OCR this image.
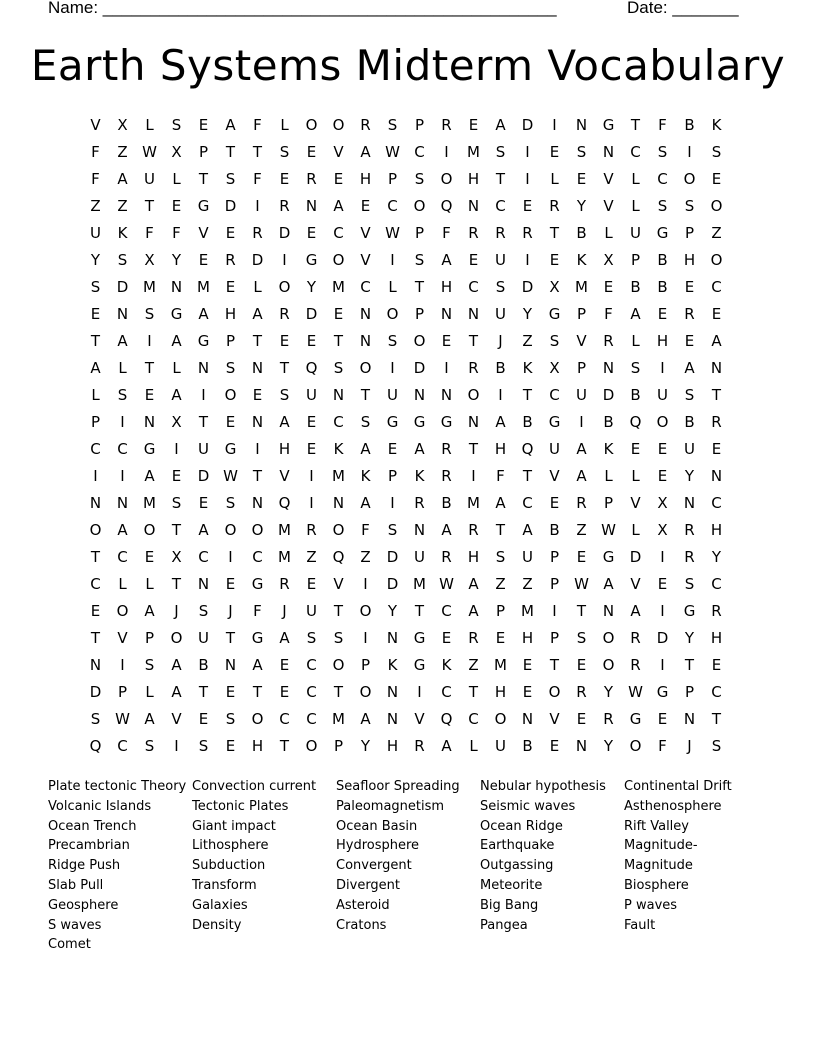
Name: ________________________________________________	Date: _______
Earth Systems Midterm Vocabulary
V	X	L	S	E	A	F	L	O	O	R	S	P	R	E	A	D	I	N	G	T	F	B	K
F	Z W X	P	T	T	S	E	V	A W C	I	M	S	I	E	S	N	C	S	I	S
F	A	U	L	T	S	F	E	R	E	H	P	S	O	H	T	I	L	E	V	L	C	O	E
Z	Z	T	E	G	D	I	R	N	A	E	C	O	Q	N	C	E	R	Y	V	L	S	S	O
U	K	F	F	V	E	R	D	E	C	V W	P	F	R	R	R	T	B	L	U	G	P	Z
Y	S	X	Y	E	R	D	I	G	O	V	I	S	A	E	U	I	E	K	X	P	B	H	O
S	D M N M	E	L	O	Y	M	C	L	T	H	C	S	D	X	M	E	B	B	E	C
E	N	S	G	A	H	A	R	D	E	N	O	P	N	N	U	Y	G	P	F	A	E	R	E
T	A	I	A	G	P	T	E	E	T	N	S	O	E	T	J	Z	S	V	R	L	H	E	A
A	L	T	L	N	S	N	T	Q	S	O	I	D	I	R	B	K	X	P	N	S	I	A	N
L	S	E	A	I	O	E	S	U	N	T	U	N	N	O	I	T	C	U	D	B	U	S	T
P	I	N	X	T	E	N	A	E	C	S	G	G	G	N	A	B	G	I	B	Q	O	B	R
C	C	G	I	U	G	I	H	E	K	A	E	A	R	T	H	Q	U	A	K	E	E	U	E
I	I	A	E	D W T	V	I	M	K	P	K	R	I	F	T	V	A	L	L	E	Y	N
N	N M	S	E	S	N	Q	I	N	A	I	R	B	M	A	C	E	R	P	V	X	N	C
O	A	O	T	A	O	O M	R	O	F	S	N	A	R	T	A	B	Z W	L	X	R	H
T	C	E	X	C	I	C	M	Z	Q	Z	D	U	R	H	S	U	P	E	G	D	I	R	Y
C	L	L	T	N	E	G	R	E	V	I	D M W A	Z	Z	P	W A	V	E	S	C
E	O	A	J	S	J	F	J	U	T	O	Y	T	C	A	P	M	I	T	N	A	I	G	R
T	V	P	O	U	T	G	A	S	S	I	N	G	E	R	E	H	P	S	O	R	D	Y	H
N	I	S	A	B	N	A	E	C	O	P	K	G	K	Z	M	E	T	E	O	R	I	T	E
D	P	L	A	T	E	T	E	C	T	O	N	I	C	T	H	E	O	R	Y	W G	P	C
S W A	V	E	S	O	C	C	M	A	N	V	Q	C	O	N	V	E	R	G	E	N	T
Q	C	S	I	S	E	H	T	O	P	Y	H	R	A	L	U	B	E	N	Y	O	F	J	S
Plate tectonic Theory
Volcanic Islands
Ocean Trench
Precambrian
Ridge Push
Slab Pull
Geosphere
S waves
Comet
Convection current
Tectonic Plates
Giant impact
Lithosphere
Subduction
Transform
Galaxies
Density
Seafloor Spreading
Paleomagnetism
Ocean Basin
Hydrosphere
Convergent
Divergent
Asteroid
Cratons
Nebular hypothesis
Seismic waves
Ocean Ridge
Earthquake
Outgassing
Meteorite
Big Bang
Pangea
Continental Drift
Asthenosphere
Rift Valley
Magnitude-
Magnitude
Biosphere
P waves
Fault
